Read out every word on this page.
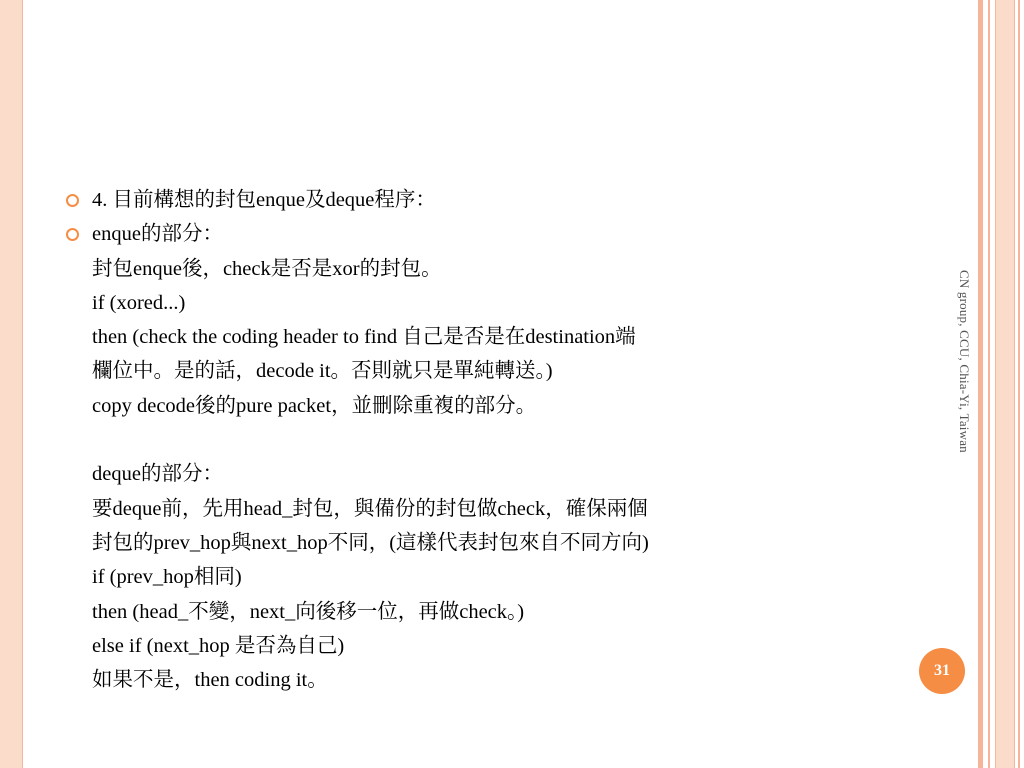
CN group, CCU, Chia-Yi, Taiwan
31
4. 目前構想的封包enque及deque程序：
enque的部分：
封包enque後，check是否是xor的封包。
if (xored...)
then (check the coding header to find 自己是否是在destination端
欄位中。是的話，decode it。否則就只是單純轉送。)
copy decode後的pure packet，並刪除重複的部分。
deque的部分：
要deque前，先用head_封包，與備份的封包做check，確保兩個
封包的prev_hop與next_hop不同，(這樣代表封包來自不同方向)
if (prev_hop相同)
then (head_不變，next_向後移一位，再做check。)
else if (next_hop 是否為自己)
如果不是，then coding it。
